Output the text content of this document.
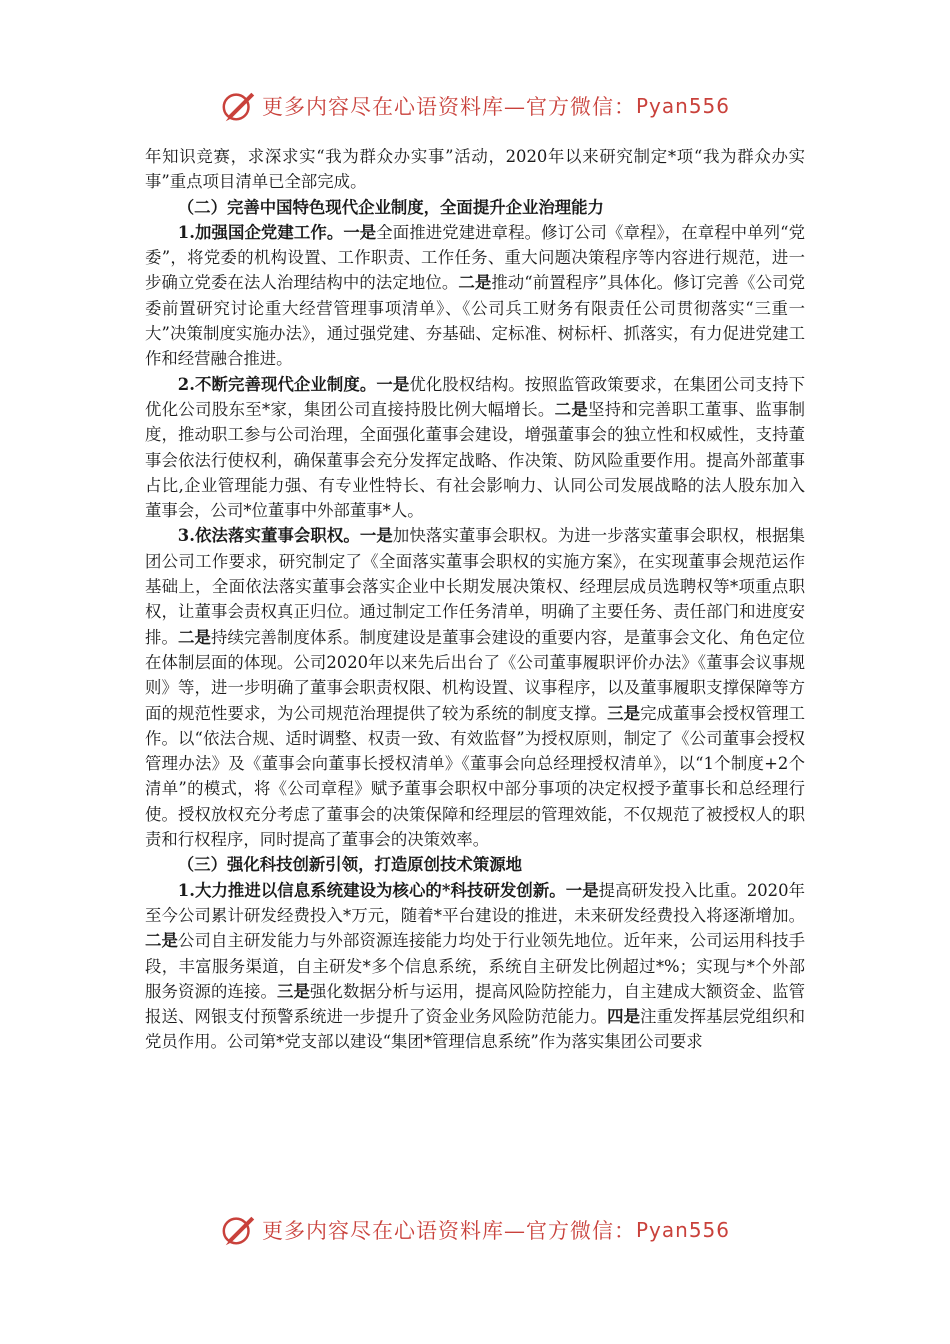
更多内容尽在心语资料库—官方微信： Pyan556

年知识竞赛，求深求实“我为群众办实事”活动，2020年以来研究制定*项“我为群众办实事”重点项目清单已全部完成。

（二）完善中国特色现代企业制度，全面提升企业治理能力

1.加强国企党建工作。一是全面推进党建进章程。修订公司《章程》，在章程中单列“党委”，将党委的机构设置、工作职责、工作任务、重大问题决策程序等内容进行规范，进一步确立党委在法人治理结构中的法定地位。二是推动“前置程序”具体化。修订完善《公司党委前置研究讨论重大经营管理事项清单》、《公司兵工财务有限责任公司贯彻落实“三重一大”决策制度实施办法》，通过强党建、夯基础、定标准、树标杆、抓落实，有力促进党建工作和经营融合推进。

2.不断完善现代企业制度。一是优化股权结构。按照监管政策要求，在集团公司支持下优化公司股东至*家，集团公司直接持股比例大幅增长。二是坚持和完善职工董事、监事制度，推动职工参与公司治理，全面强化董事会建设，增强董事会的独立性和权威性，支持董事会依法行使权利，确保董事会充分发挥定战略、作决策、防风险重要作用。提高外部董事占比,企业管理能力强、有专业性特长、有社会影响力、认同公司发展战略的法人股东加入董事会，公司*位董事中外部董事*人。

3.依法落实董事会职权。一是加快落实董事会职权。为进一步落实董事会职权，根据集团公司工作要求，研究制定了《全面落实董事会职权的实施方案》，在实现董事会规范运作基础上，全面依法落实董事会落实企业中长期发展决策权、经理层成员选聘权等*项重点职权，让董事会责权真正归位。通过制定工作任务清单，明确了主要任务、责任部门和进度安排。二是持续完善制度体系。制度建设是董事会建设的重要内容，是董事会文化、角色定位在体制层面的体现。公司2020年以来先后出台了《公司董事履职评价办法》《董事会议事规则》等，进一步明确了董事会职责权限、机构设置、议事程序，以及董事履职支撑保障等方面的规范性要求，为公司规范治理提供了较为系统的制度支撑。三是完成董事会授权管理工作。以“依法合规、适时调整、权责一致、有效监督”为授权原则，制定了《公司董事会授权管理办法》及《董事会向董事长授权清单》《董事会向总经理授权清单》，以“1个制度+2个清单”的模式，将《公司章程》赋予董事会职权中部分事项的决定权授予董事长和总经理行使。授权放权充分考虑了董事会的决策保障和经理层的管理效能，不仅规范了被授权人的职责和行权程序，同时提高了董事会的决策效率。

（三）强化科技创新引领，打造原创技术策源地

1.大力推进以信息系统建设为核心的*科技研发创新。一是提高研发投入比重。2020年至今公司累计研发经费投入*万元，随着*平台建设的推进，未来研发经费投入将逐渐增加。二是公司自主研发能力与外部资源连接能力均处于行业领先地位。近年来，公司运用科技手段，丰富服务渠道，自主研发*多个信息系统，系统自主研发比例超过*%；实现与*个外部服务资源的连接。三是强化数据分析与运用，提高风险防控能力，自主建成大额资金、监管报送、网银支付预警系统进一步提升了资金业务风险防范能力。四是注重发挥基层党组织和党员作用。公司第*党支部以建设“集团*管理信息系统”作为落实集团公司要求

更多内容尽在心语资料库—官方微信： Pyan556
